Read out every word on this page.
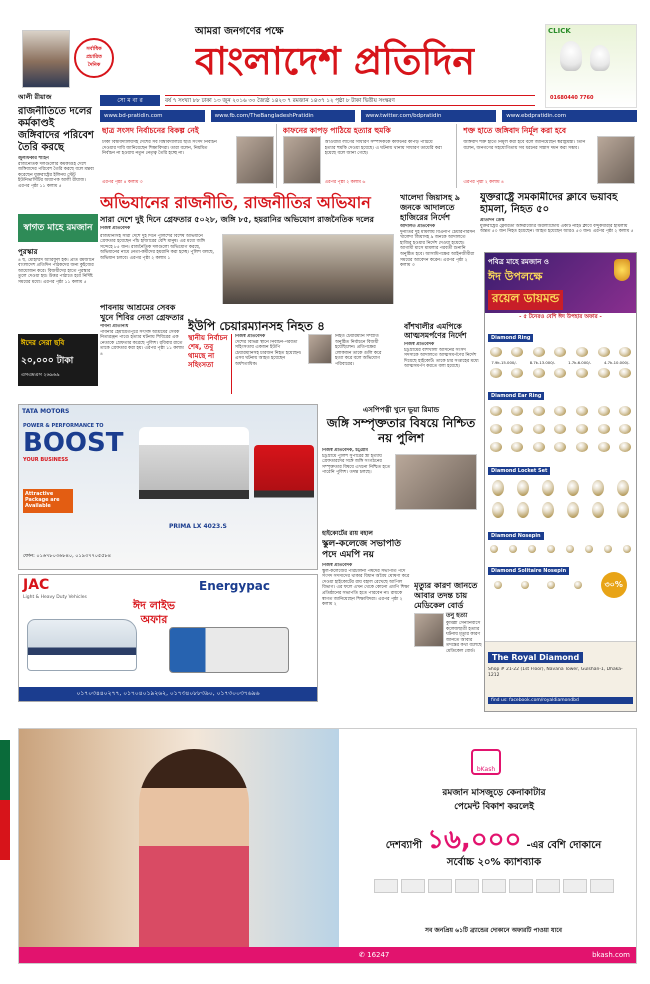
সর্বাধিক প্রচারিত দৈনিক
আমরা জনগণের পক্ষে
বাংলাদেশ প্রতিদিন
সো ম বা র	বর্ষ ৭ সংখ্যা ৮৮ ঢাকা ১৩ জুন ২০১৬ ৩০ জ্যৈষ্ঠ ১৪২৩ ৭ রমজান ১৪৩৭ ১২ পৃষ্ঠা ৮ টাকা দ্বিতীয় সংস্করণ
CLICK
01680440 7760
www.bd-pratidin.com	www.fb.com/TheBangladeshPratidin	www.twitter.com/bdpratidin	www.ebdpratidin.com
ছাত্র সংসদ নির্বাচনের বিকল্প নেই
ঢাকা বিশ্ববিদ্যালয়সহ দেশের সব বিশ্ববিদ্যালয়ে ছাত্র সংসদ নির্বাচন দেওয়ার দাবি জানিয়েছেন শিক্ষাবিদরা। তারা বলেন, নিয়মিত নির্বাচন না হওয়ায় নতুন নেতৃত্ব তৈরি হচ্ছে না।
এরপর পৃষ্ঠা ৪ কলাম ৩
কাফনের কাপড় পাঠিয়ে হত্যার হুমকি
আওয়ামী লীগের সাধারণ সম্পাদককে কাফনের কাপড় পাঠিয়ে হত্যার হুমকি দেওয়া হয়েছে। এ ঘটনায় থানায় সাধারণ ডায়েরি করা হয়েছে বলে জানা গেছে।
এরপর পৃষ্ঠা ২ কলাম ৬
শক্ত হাতে জঙ্গিবাদ নির্মূল করা হবে
জঙ্গিবাদ শক্ত হাতে নির্মূল করা হবে বলে জানিয়েছেন স্বরাষ্ট্রমন্ত্রী। তিনি বলেন, জনগণের সহযোগিতায় সব ধরনের সন্ত্রাস দমন করা সম্ভব।
এরপর পৃষ্ঠা ২ কলাম ৪
আলী রীয়াজ
রাজনীতিতে দলের কর্মকাণ্ডই জঙ্গিবাদের পরিবেশ তৈরি করছে
জুলফিকার শাহিন
রাজনৈতিক দলগুলোর কর্মকাণ্ডই দেশে জঙ্গিবাদের পরিবেশ তৈরি করছে বলে মন্তব্য করেছেন যুক্তরাষ্ট্রের ইলিনয় স্টেট ইউনিভার্সিটির অধ্যাপক আলী রীয়াজ। এরপর পৃষ্ঠা ১১ কলাম ৫
স্বাগত মাহে রমজান
পুরস্কার
৪ ছ. মোহাম্মদ আরিফুল হক। প্রতি রমজানে বাংলাদেশ প্রতিদিন পাঠকদের জন্য কুইজের আয়োজন করে। বিজয়ীদের হাতে পুরস্কার তুলে দেওয়া হয়। উত্তর পাঠাতে হবে নির্দিষ্ট সময়ের মধ্যে। এরপর পৃষ্ঠা ১১ কলাম ৫
ঈদের সেরা ছবি
২০,০০০ টাকা
এসএমএস ২৬৯৬৯
অভিযানের রাজনীতি, রাজনীতির অভিযান
সারা দেশে দুই দিনে গ্রেফতার ৫০২৮, জঙ্গি ৮৫, হয়রানির অভিযোগ রাজনৈতিক দলের
নিজস্ব প্রতিবেদক
রাজধানীসহ সারা দেশে দুই দিনে পুলিশের বিশেষ অভিযানে গ্রেফতার হয়েছেন পাঁচ হাজারের বেশি মানুষ। এর মধ্যে জঙ্গি সন্দেহে ৮৫ জন। রাজনৈতিক দলগুলো অভিযোগ করছে, অভিযানের নামে নেতা-কর্মীদের হয়রানি করা হচ্ছে। পুলিশ বলছে, অভিযান চলবে। এরপর পৃষ্ঠা ২ কলাম ১
খালেদা জিয়াসহ ৯ জনকে আদালতে হাজিরের নির্দেশ
আদালত প্রতিবেদক
দুর্নীতির দুই মামলায় বিএনপি চেয়ারপারসন খালেদা জিয়াসহ ৯ জনকে আদালতে হাজির হওয়ার নির্দেশ দেওয়া হয়েছে। আগামী মাসে মামলার পরবর্তী শুনানি অনুষ্ঠিত হবে। আসামিপক্ষের আইনজীবীরা সময়ের আবেদন করেন। এরপর পৃষ্ঠা ২ কলাম ৩
যুক্তরাষ্ট্রে সমকামীদের ক্লাবে ভয়াবহ হামলা, নিহত ৫০
প্রতিদিন ডেস্ক
যুক্তরাষ্ট্রের ফ্লোরিডা অঙ্গরাজ্যের অরল্যান্ডোয় একটি নাইট ক্লাবে বন্দুকধারীর হামলায় অন্তত ৫০ জন নিহত হয়েছেন। আহত হয়েছেন আরও ৫৩ জন। এরপর পৃষ্ঠা ২ কলাম ৫
পাবনায় আশ্রমের সেবক খুনে শিবির নেতা গ্রেফতার
পাবনা প্রতিনিধি
পাবনার হেমায়েতপুরে সৎসঙ্গ আশ্রমের সেবক নিত্যরঞ্জন পাণ্ডে হত্যার ঘটনায় শিবিরের এক নেতাকে গ্রেফতার করেছে পুলিশ। রবিবার রাতে তাকে গ্রেফতার করা হয়। এরপর পৃষ্ঠা ১১ কলাম ৪
ইউপি চেয়ারম্যানসহ নিহত ৪
স্থানীয় নির্বাচন শেষ, তবু থামছে না সহিংসতা
নিজস্ব প্রতিবেদক
দেশের বিভিন্ন স্থানে নির্বাচন-পরবর্তী সহিংসতায় একজন ইউপি চেয়ারম্যানসহ চারজন নিহত হয়েছেন। এসব ঘটনায় আহত হয়েছেন অর্ধশতাধিক।
নিহত চেয়ারম্যান সম্প্রতি অনুষ্ঠিত নির্বাচনে বিজয়ী হয়েছিলেন। প্রতিপক্ষের লোকজন তাকে গুলি করে হত্যা করে বলে অভিযোগ পরিবারের।
বাঁশখালীর এমপিকে আত্মসমর্পণের নির্দেশ
নিজস্ব প্রতিবেদক
চট্টগ্রামের বাঁশখালী আসনের সংসদ সদস্যকে আদালতে আত্মসমর্পণের নির্দেশ দিয়েছে হাইকোর্ট। তাকে চার সপ্তাহের মধ্যে আত্মসমর্পণ করতে বলা হয়েছে।
পবিত্র মাহে রমজান ও
ঈদ উপলক্ষে
রয়েল ডায়মন্ড
- ৫ টনেরও বেশি ঈদ উপহার অফার -
Diamond Ring
7.9k-15.000/-	8.7k-13.000/-	1.7k-6.000/-	4.7k-10.000/-
Diamond Ear Ring
Diamond Locket Set
Diamond Nosepin
Diamond Solitaire Nosepin
৩০%
The Royal Diamond
Shop # 21-22 (1st Floor), Navana Tower, Gulshan-1, Dhaka-1212
find us: facebook.com/royaldiamondbd
TATA MOTORS
POWER & PERFORMANCE TO
BOOST
YOUR BUSINESS
Attractive Package are Available
PRIMA LX 4023.S
ফোন: ০১৬৭৮০৩৬৮৪০, ০১৯৩৭৭০৫৫৮৪
এসপিপত্নী খুনে ভুয়া রিমান্ড
জঙ্গি সম্পৃক্ততার বিষয়ে নিশ্চিত নয় পুলিশ
নিজস্ব প্রতিবেদক, চট্টগ্রাম
চট্টগ্রামে পুলিশ সুপারের স্ত্রী হত্যায় গ্রেফতারদের সঙ্গে জঙ্গি সংগঠনের সম্পৃক্ততার বিষয়ে এখনো নিশ্চিত হতে পারেনি পুলিশ। তদন্ত চলছে।
হাইকোর্টের রায় বহাল
স্কুল-কলেজে সভাপতি পদে এমপি নয়
নিজস্ব প্রতিবেদক
স্কুল-কলেজের পরিচালনা পর্ষদের সভাপতি পদে সংসদ সদস্যদের থাকার বিধান অবৈধ ঘোষণা করে দেওয়া হাইকোর্টের রায় বহাল রেখেছে আপিল বিভাগ। এর ফলে এখন থেকে কোনো এমপি শিক্ষা প্রতিষ্ঠানের সভাপতি হতে পারবেন না। রায়কে স্বাগত জানিয়েছেন শিক্ষাবিদরা। এরপর পৃষ্ঠা ২ কলাম ২
মৃত্যুর কারণ জানতে আবার তদন্ত চায় মেডিকেল বোর্ড
তনু হত্যা
কুমিল্লা সেনানিবাসে কলেজছাত্রী হত্যার ঘটনায় মৃত্যুর কারণ জানতে আবার তদন্তের কথা বলেছে মেডিকেল বোর্ড।
JAC
Light & Heavy Duty Vehicles
Energypac
ঈদ লাইভ অফার
০১৭০৩৪৪০২৭৭, ০১৭০৪০১৯২৬২, ০১৭৩৪০৮৮৩৯০, ০১৭৩০০৩৭৬৯৬
bKash
রমজান মাসজুড়ে কেনাকাটার
পেমেন্ট বিকাশ করলেই
দেশব্যাপী ১৬,০০০ -এর বেশি দোকানে
সর্বোচ্চ ২০% ক্যাশব্যাক
সব জনপ্রিয় ৬১টি ব্র্যান্ডের দোকানে অফারটি পাওয়া যাবে
✆ 16247	bkash.com
